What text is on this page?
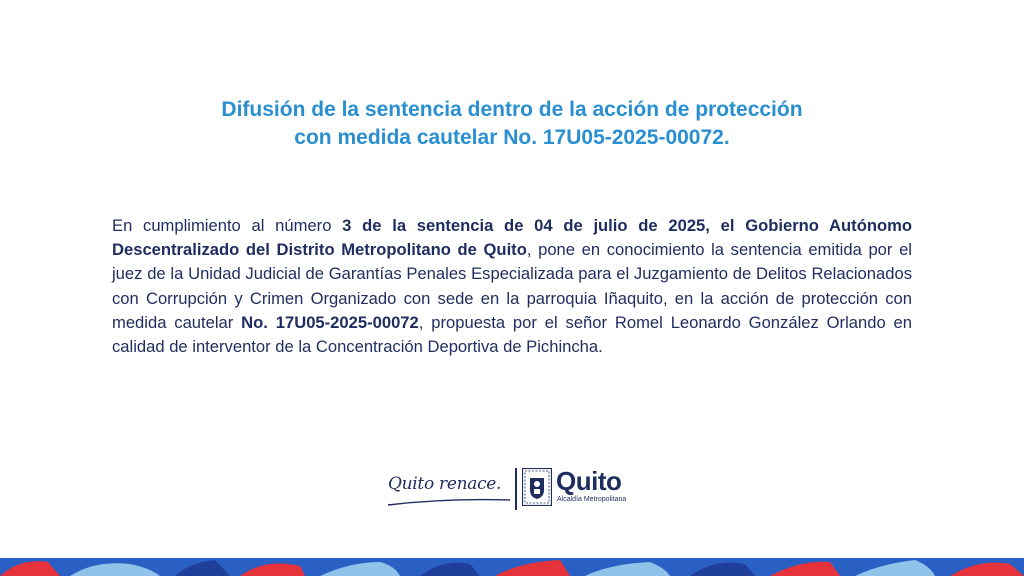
Difusión de la sentencia dentro de la acción de protección
con medida cautelar No. 17U05-2025-00072.
En cumplimiento al número 3 de la sentencia de 04 de julio de 2025, el Gobierno Autónomo Descentralizado del Distrito Metropolitano de Quito, pone en conocimiento la sentencia emitida por el juez de la Unidad Judicial de Garantías Penales Especializada para el Juzgamiento de Delitos Relacionados con Corrupción y Crimen Organizado con sede en la parroquia Iñaquito, en la acción de protección con medida cautelar No. 17U05-2025-00072, propuesta por el señor Romel Leonardo González Orlando en calidad de interventor de la Concentración Deportiva de Pichincha.
Quito renace. Quito
Alcaldía Metropolitana
